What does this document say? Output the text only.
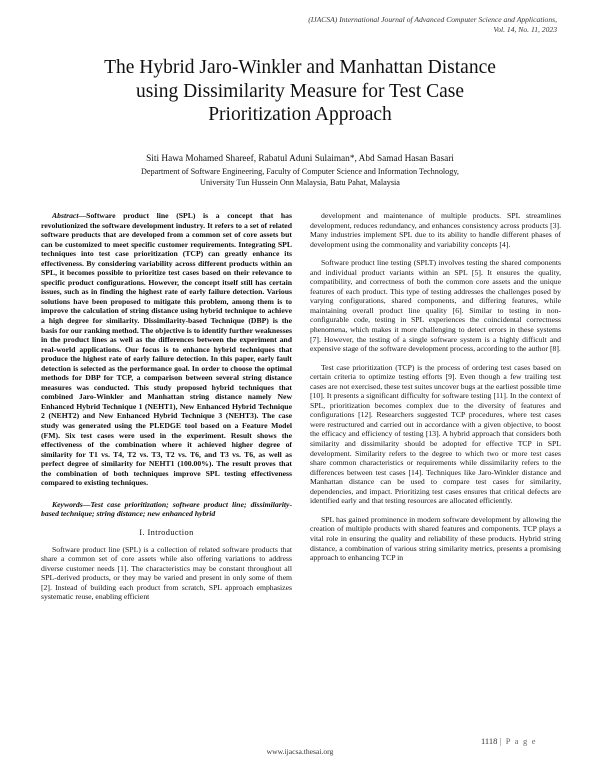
(IJACSA) International Journal of Advanced Computer Science and Applications,
Vol. 14, No. 11, 2023
The Hybrid Jaro-Winkler and Manhattan Distance
using Dissimilarity Measure for Test Case
Prioritization Approach
Siti Hawa Mohamed Shareef, Rabatul Aduni Sulaiman*, Abd Samad Hasan Basari
Department of Software Engineering, Faculty of Computer Science and Information Technology,
University Tun Hussein Onn Malaysia, Batu Pahat, Malaysia

Abstract—Software product line (SPL) is a concept that has revolutionized the software development industry. It refers to a set of related software products that are developed from a common set of core assets but can be customized to meet specific customer requirements. Integrating SPL techniques into test case prioritization (TCP) can greatly enhance its effectiveness. By considering variability across different products within an SPL, it becomes possible to prioritize test cases based on their relevance to specific product configurations. However, the concept itself still has certain issues, such as in finding the highest rate of early failure detection. Various solutions have been proposed to mitigate this problem, among them is to improve the calculation of string distance using hybrid technique to achieve a high degree for similarity. Dissimilarity-based Technique (DBP) is the basis for our ranking method. The objective is to identify further weaknesses in the product lines as well as the differences between the experiment and real-world applications. Our focus is to enhance hybrid techniques that produce the highest rate of early failure detection. In this paper, early fault detection is selected as the performance goal. In order to choose the optimal methods for DBP for TCP, a comparison between several string distance measures was conducted. This study proposed hybrid techniques that combined Jaro-Winkler and Manhattan string distance namely New Enhanced Hybrid Technique 1 (NEHT1), New Enhanced Hybrid Technique 2 (NEHT2) and New Enhanced Hybrid Technique 3 (NEHT3). The case study was generated using the PLEDGE tool based on a Feature Model (FM). Six test cases were used in the experiment. Result shows the effectiveness of the combination where it achieved higher degree of similarity for T1 vs. T4, T2 vs. T3, T2 vs. T6, and T3 vs. T6, as well as perfect degree of similarity for NEHT1 (100.00%). The result proves that the combination of both techniques improve SPL testing effectiveness compared to existing techniques.

Keywords—Test case prioritization; software product line; dissimilarity-based technique; string distance; new enhanced hybrid

I. Introduction

Software product line (SPL) is a collection of related software products that share a common set of core assets while also offering variations to address diverse customer needs [1]. The characteristics may be constant throughout all SPL-derived products, or they may be varied and present in only some of them [2]. Instead of building each product from scratch, SPL approach emphasizes systematic reuse, enabling efficient

development and maintenance of multiple products. SPL streamlines development, reduces redundancy, and enhances consistency across products [3]. Many industries implement SPL due to its ability to handle different phases of development using the commonality and variability concepts [4].

Software product line testing (SPLT) involves testing the shared components and individual product variants within an SPL [5]. It ensures the quality, compatibility, and correctness of both the common core assets and the unique features of each product. This type of testing addresses the challenges posed by varying configurations, shared components, and differing features, while maintaining overall product line quality [6]. Similar to testing in non-configurable code, testing in SPL experiences the coincidental correctness phenomena, which makes it more challenging to detect errors in these systems [7]. However, the testing of a single software system is a highly difficult and expensive stage of the software development process, according to the author [8].

Test case prioritization (TCP) is the process of ordering test cases based on certain criteria to optimize testing efforts [9]. Even though a few trailing test cases are not exercised, these test suites uncover bugs at the earliest possible time [10]. It presents a significant difficulty for software testing [11]. In the context of SPL, prioritization becomes complex due to the diversity of features and configurations [12]. Researchers suggested TCP procedures, where test cases were restructured and carried out in accordance with a given objective, to boost the efficacy and efficiency of testing [13]. A hybrid approach that considers both similarity and dissimilarity should be adopted for effective TCP in SPL development. Similarity refers to the degree to which two or more test cases share common characteristics or requirements while dissimilarity refers to the differences between test cases [14]. Techniques like Jaro-Winkler distance and Manhattan distance can be used to compare test cases for similarity, dependencies, and impact. Prioritizing test cases ensures that critical defects are identified early and that testing resources are allocated efficiently.

SPL has gained prominence in modern software development by allowing the creation of multiple products with shared features and components. TCP plays a vital role in ensuring the quality and reliability of these products. Hybrid string distance, a combination of various string similarity metrics, presents a promising approach to enhancing TCP in

1118 | P a g e
www.ijacsa.thesai.org
